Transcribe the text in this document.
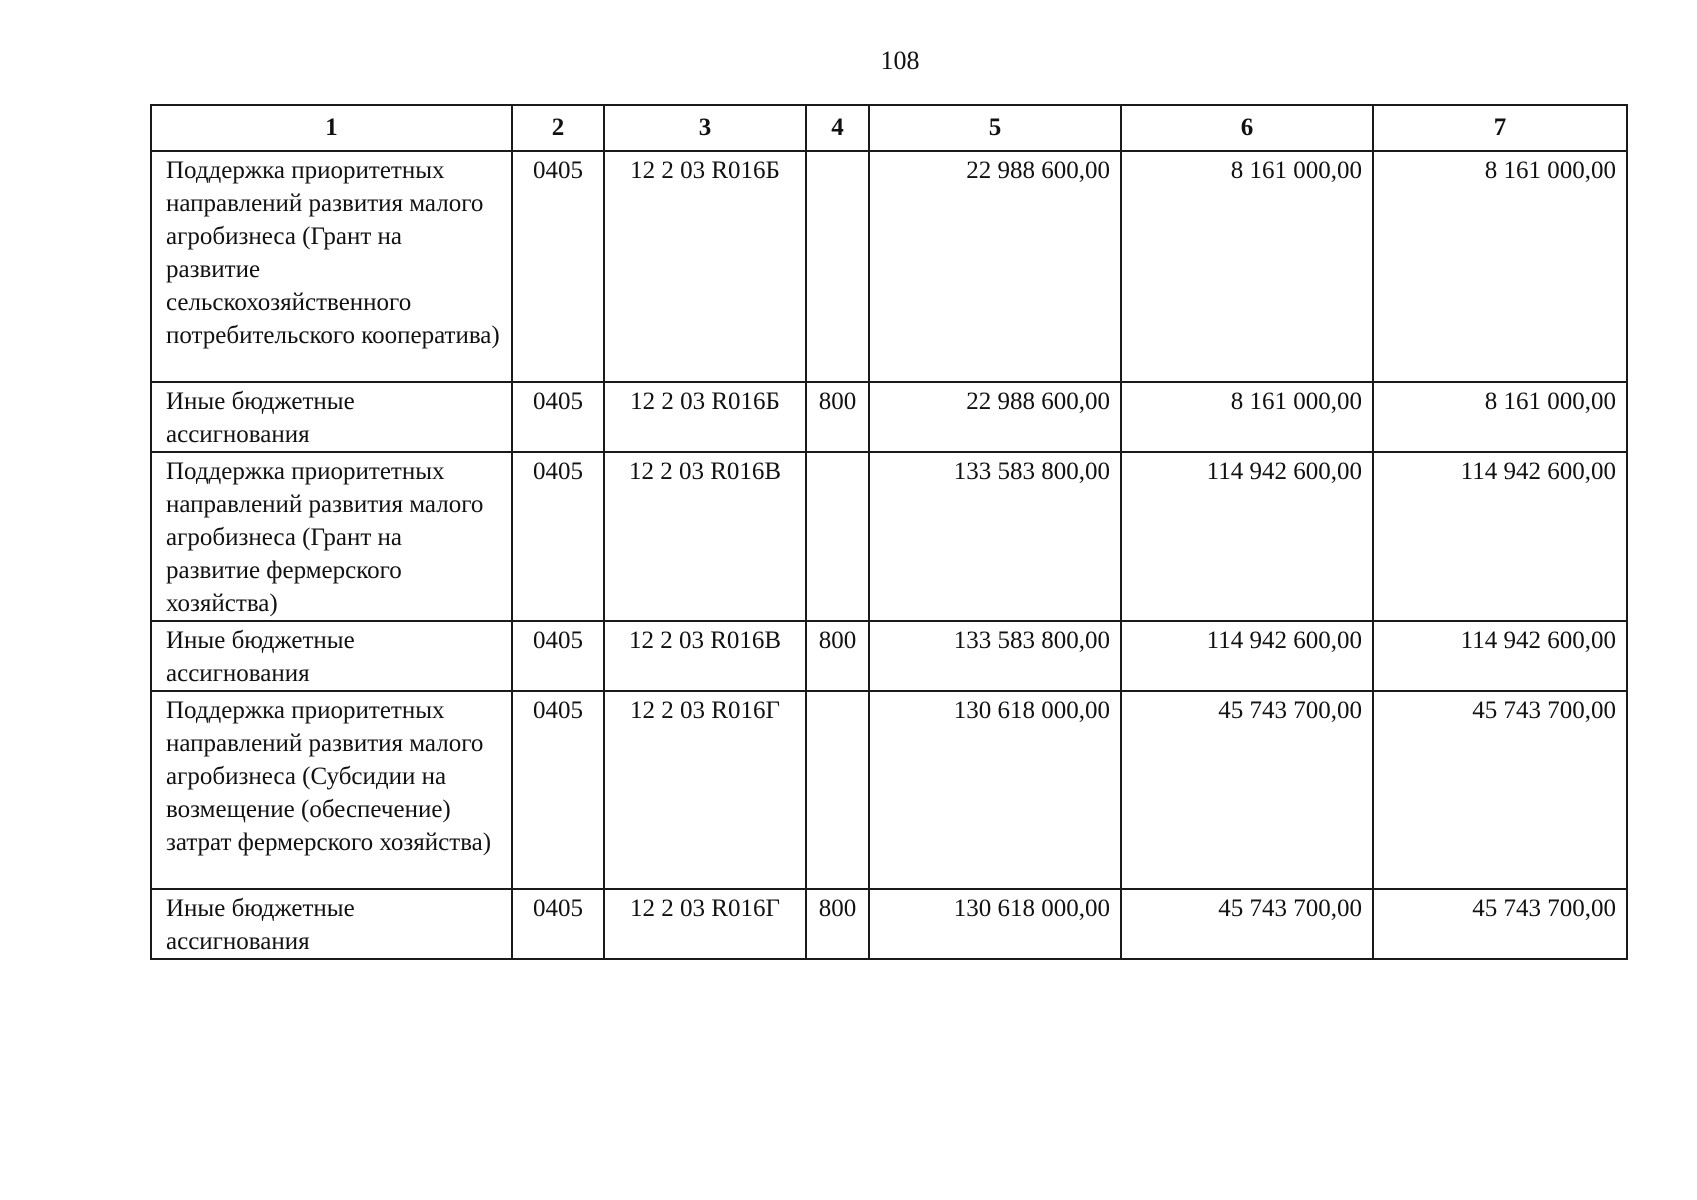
108
1	2	3	4	5	6	7
Поддержка приоритетных направлений развития малого агробизнеса (Грант на развитие сельскохозяйственного потребительского кооператива)	0405	12 2 03 R016Б		22 988 600,00	8 161 000,00	8 161 000,00
Иные бюджетные ассигнования	0405	12 2 03 R016Б	800	22 988 600,00	8 161 000,00	8 161 000,00
Поддержка приоритетных направлений развития малого агробизнеса (Грант на развитие фермерского хозяйства)	0405	12 2 03 R016В		133 583 800,00	114 942 600,00	114 942 600,00
Иные бюджетные ассигнования	0405	12 2 03 R016В	800	133 583 800,00	114 942 600,00	114 942 600,00
Поддержка приоритетных направлений развития малого агробизнеса (Субсидии на возмещение (обеспечение) затрат фермерского хозяйства)	0405	12 2 03 R016Г		130 618 000,00	45 743 700,00	45 743 700,00
Иные бюджетные ассигнования	0405	12 2 03 R016Г	800	130 618 000,00	45 743 700,00	45 743 700,00
